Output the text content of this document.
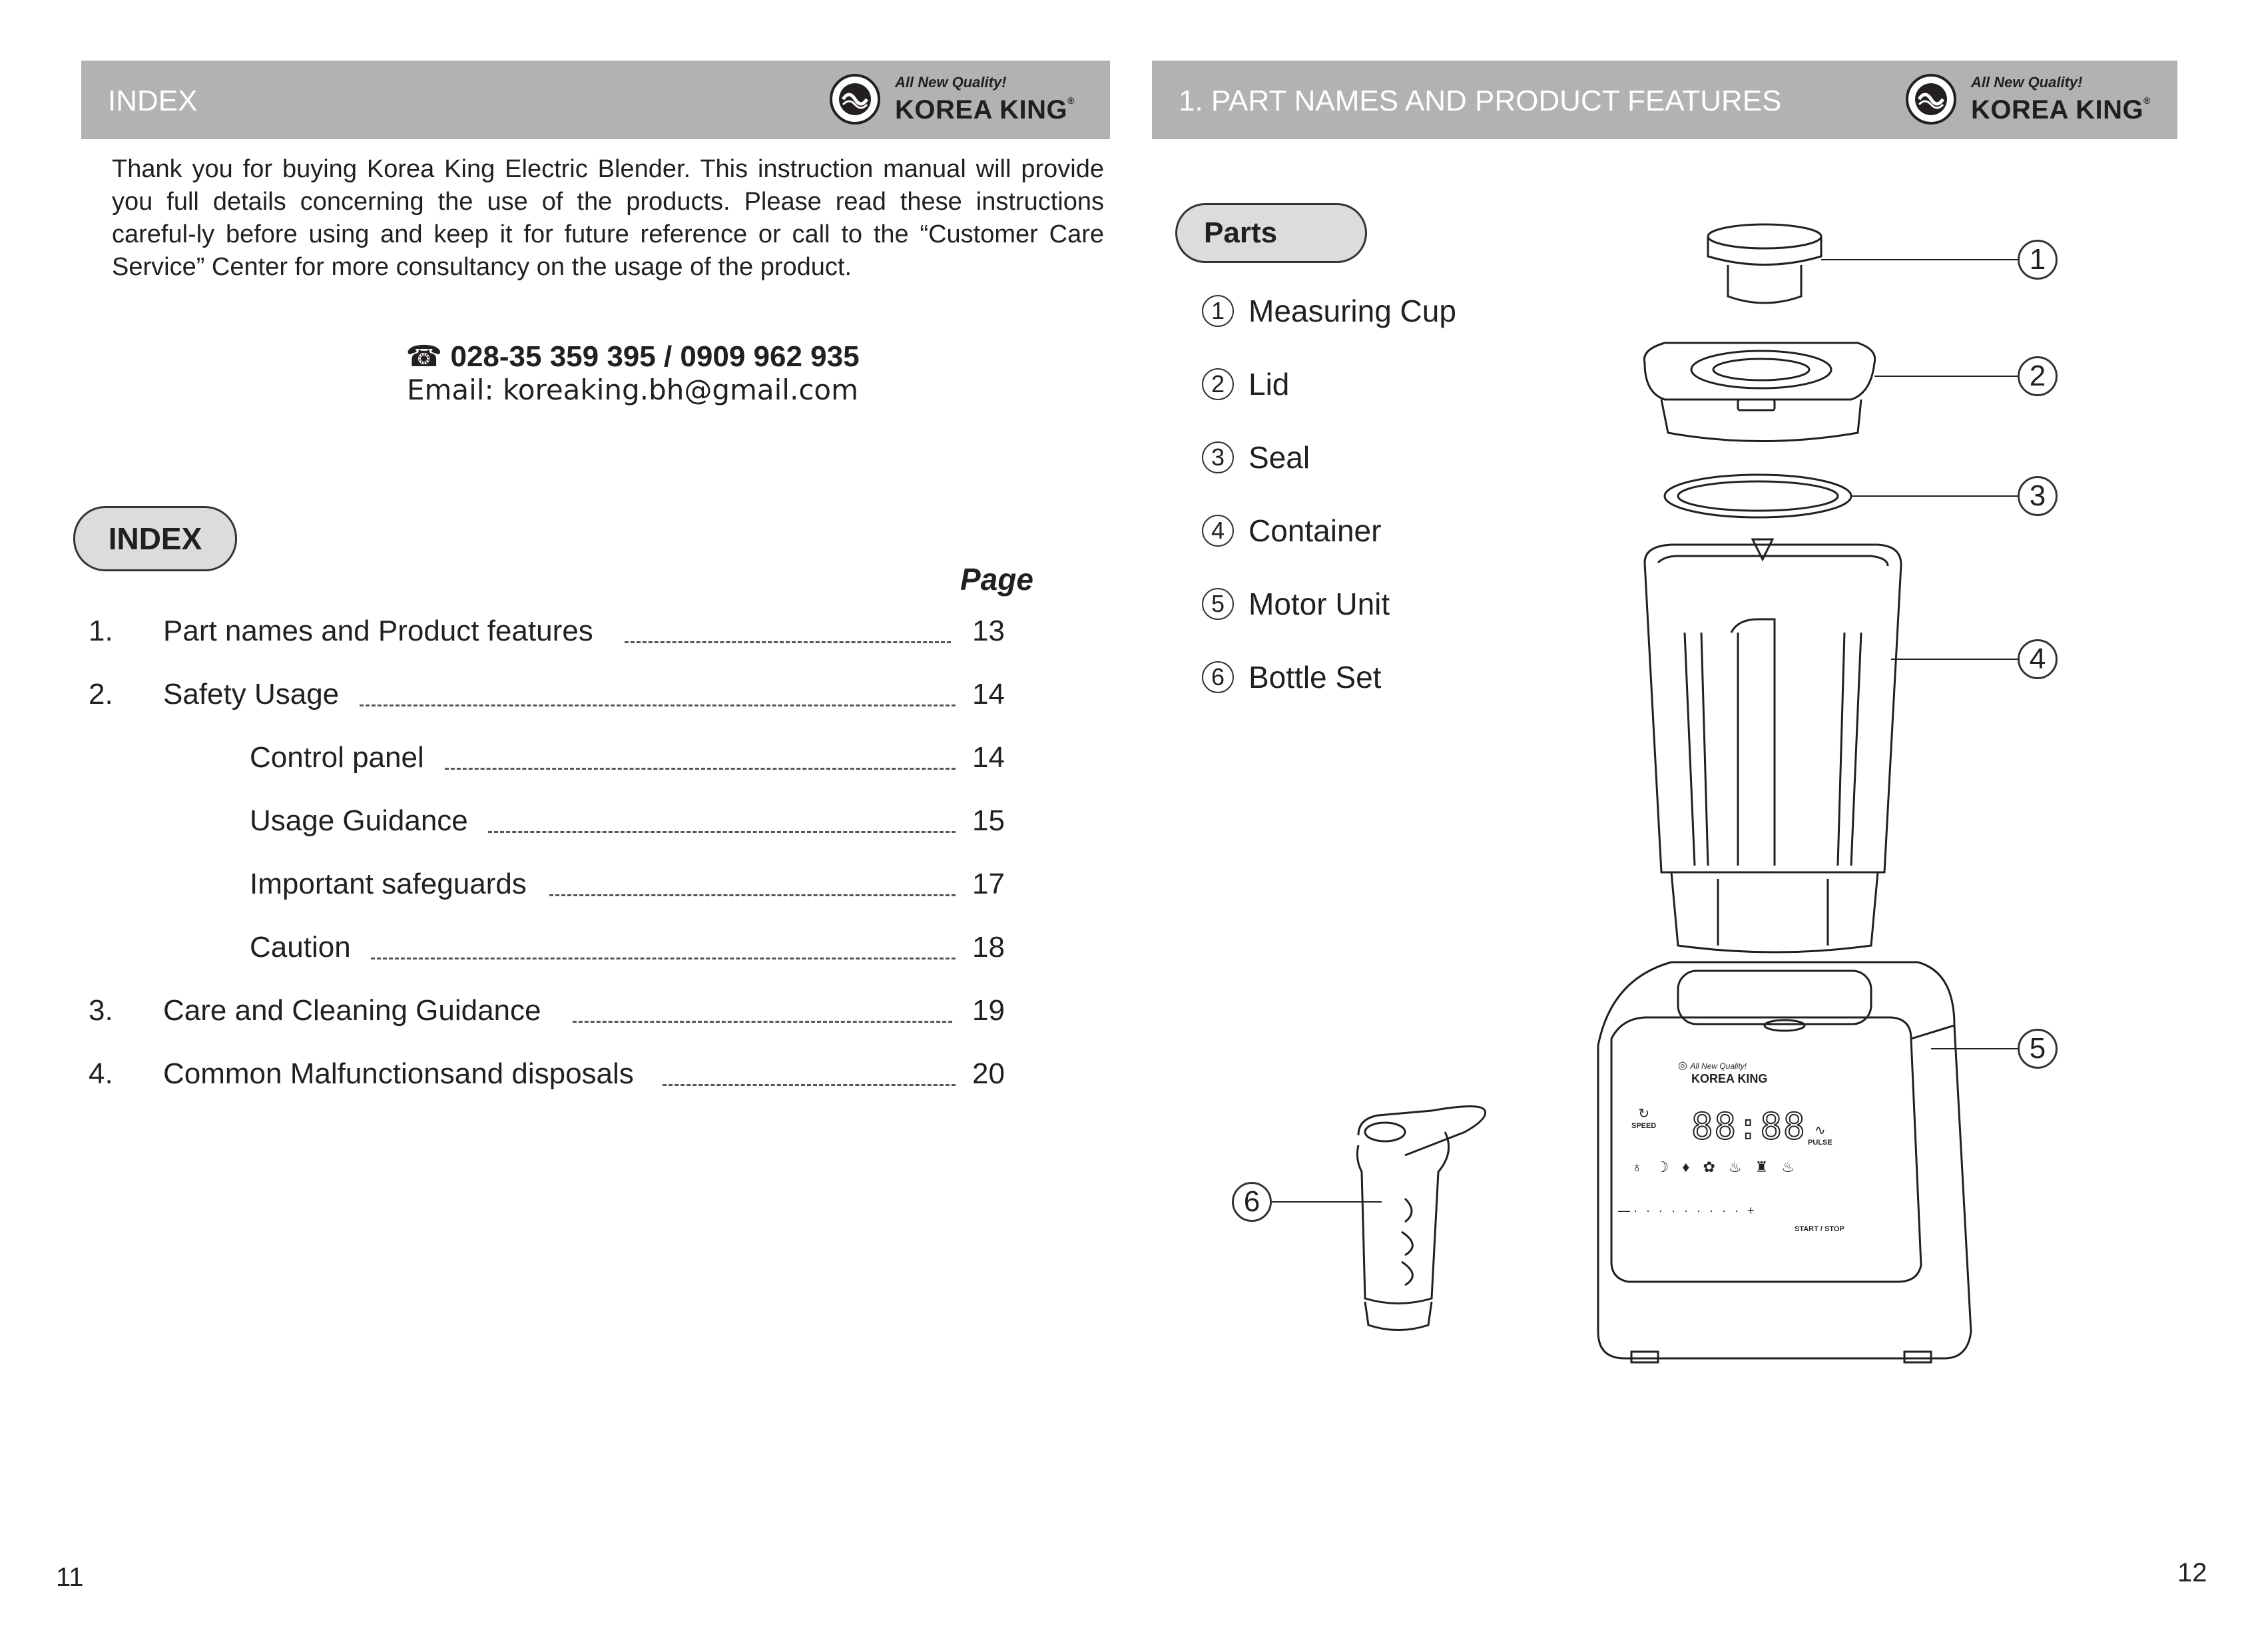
INDEX
All New Quality!
KOREA KING®
Thank you for buying Korea King Electric Blender. This instruction manual will provide you full details concerning the use of the products. Please read these instructions careful-ly before using and keep it for future reference or call to the “Customer Care Service” Center for more consultancy on the usage of the product.
☎ 028-35 359 395 / 0909 962 935
Email: koreaking.bh@gmail.com
INDEX
Page
1. Part names and Product features	13
2. Safety Usage	14
Control panel	14
Usage Guidance	15
Important safeguards	17
Caution	18
3. Care and Cleaning Guidance	19
4. Common Malfunctionsand disposals	20
11
1. PART NAMES AND PRODUCT FEATURES
All New Quality!
KOREA KING®
Parts
1 Measuring Cup
2 Lid
3 Seal
4 Container
5 Motor Unit
6 Bottle Set
◎ All New Quality!
KOREA KING
88:88
↻
SPEED	∿
PULSE
♁☽♦✿♨♜♨
— · · · · · · · · · +
START / STOP
1
2
3
4
5
6
12
